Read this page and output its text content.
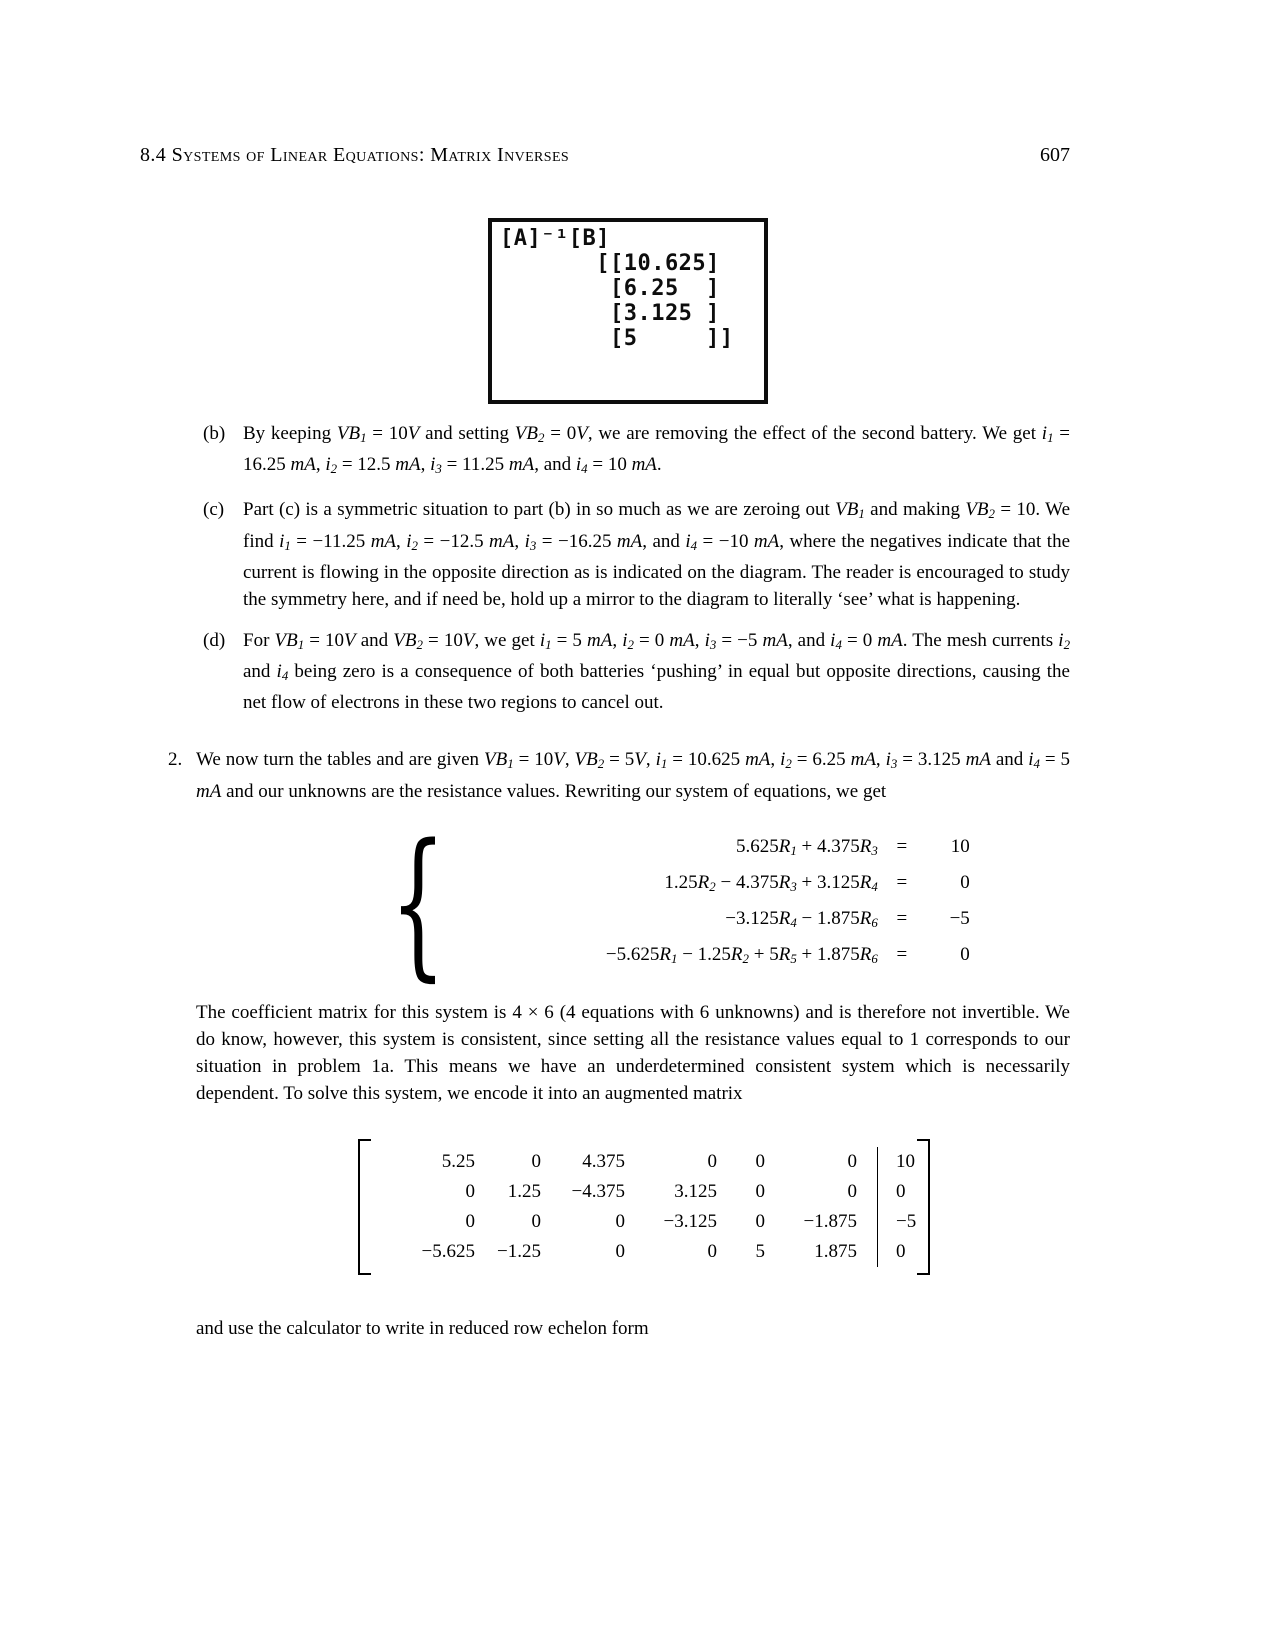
8.4 Systems of Linear Equations: Matrix Inverses	607
[A]⁻¹[B]
[[10.625]
[6.25  ]
[3.125 ]
[5     ]]
(b) By keeping VB1 = 10V and setting VB2 = 0V, we are removing the effect of the second battery. We get i1 = 16.25 mA, i2 = 12.5 mA, i3 = 11.25 mA, and i4 = 10 mA.
(c) Part (c) is a symmetric situation to part (b) in so much as we are zeroing out VB1 and making VB2 = 10. We find i1 = −11.25 mA, i2 = −12.5 mA, i3 = −16.25 mA, and i4 = −10 mA, where the negatives indicate that the current is flowing in the opposite direction as is indicated on the diagram. The reader is encouraged to study the symmetry here, and if need be, hold up a mirror to the diagram to literally ‘see’ what is happening.
(d) For VB1 = 10V and VB2 = 10V, we get i1 = 5 mA, i2 = 0 mA, i3 = −5 mA, and i4 = 0 mA. The mesh currents i2 and i4 being zero is a consequence of both batteries ‘pushing’ in equal but opposite directions, causing the net flow of electrons in these two regions to cancel out.
2. We now turn the tables and are given VB1 = 10V, VB2 = 5V, i1 = 10.625 mA, i2 = 6.25 mA, i3 = 3.125 mA and i4 = 5 mA and our unknowns are the resistance values. Rewriting our system of equations, we get
{	5.625R1 + 4.375R3 =	10
1.25R2 − 4.375R3 + 3.125R4 =	0
−3.125R4 − 1.875R6 =	−5
−5.625R1 − 1.25R2 + 5R5 + 1.875R6 =	0
The coefficient matrix for this system is 4 × 6 (4 equations with 6 unknowns) and is therefore not invertible. We do know, however, this system is consistent, since setting all the resistance values equal to 1 corresponds to our situation in problem 1a. This means we have an underdetermined consistent system which is necessarily dependent. To solve this system, we encode it into an augmented matrix
5.25	0	4.375	0	0	0	10
0	1.25	−4.375	3.125	0	0	0
0	0	0	−3.125	0	−1.875	−5
−5.625	−1.25	0	0	5	1.875	0
and use the calculator to write in reduced row echelon form
